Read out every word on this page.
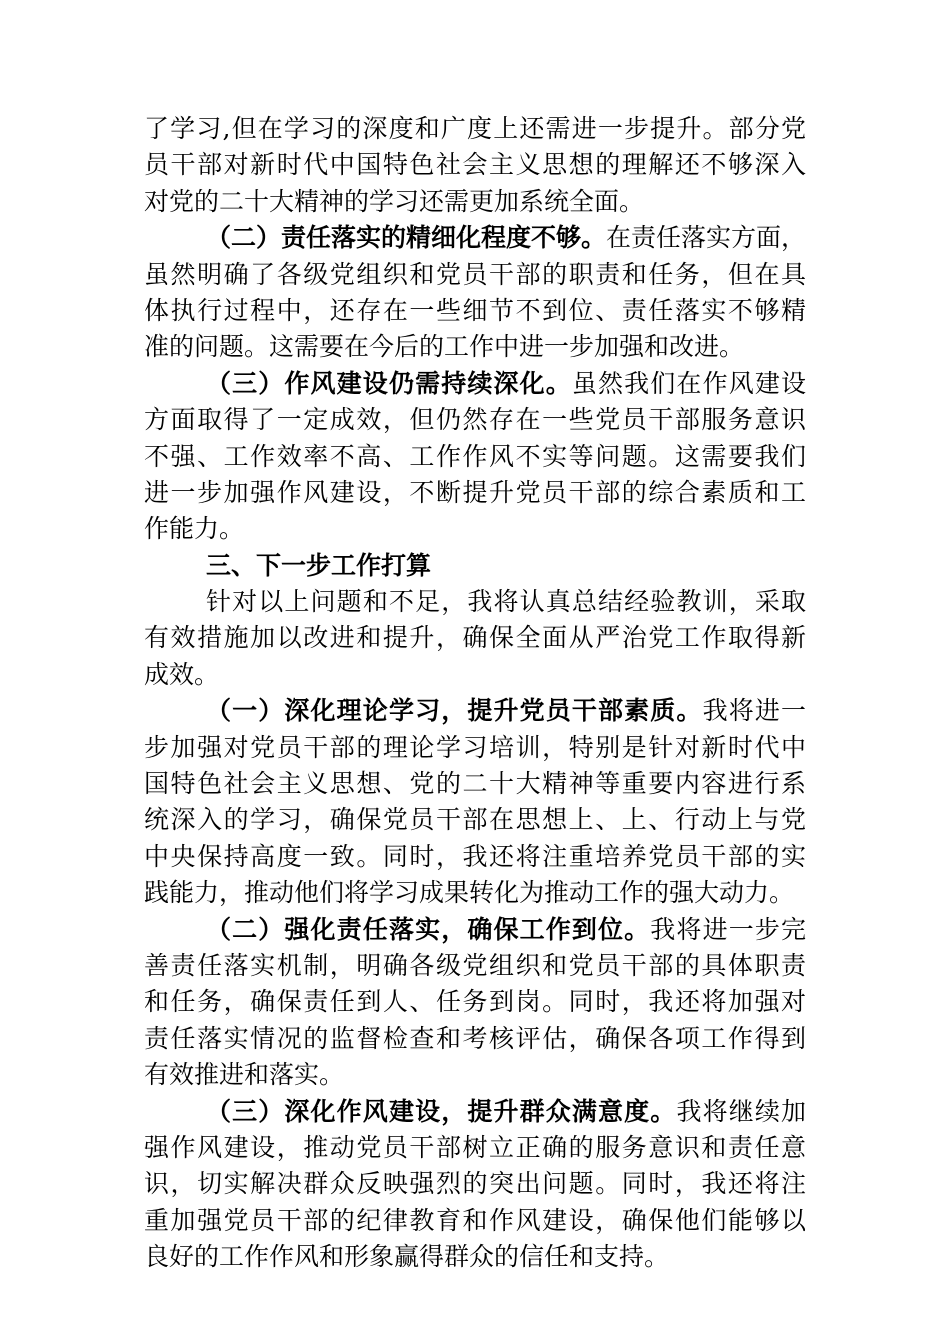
了学习,但在学习的深度和广度上还需进一步提升。部分党
员干部对新时代中国特色社会主义思想的理解还不够深入
对党的二十大精神的学习还需更加系统全面。
（二）责任落实的精细化程度不够。在责任落实方面，
虽然明确了各级党组织和党员干部的职责和任务，但在具
体执行过程中，还存在一些细节不到位、责任落实不够精
准的问题。这需要在今后的工作中进一步加强和改进。
（三）作风建设仍需持续深化。虽然我们在作风建设
方面取得了一定成效，但仍然存在一些党员干部服务意识
不强、工作效率不高、工作作风不实等问题。这需要我们
进一步加强作风建设，不断提升党员干部的综合素质和工
作能力。
三、下一步工作打算
针对以上问题和不足，我将认真总结经验教训，采取
有效措施加以改进和提升，确保全面从严治党工作取得新
成效。
（一）深化理论学习，提升党员干部素质。我将进一
步加强对党员干部的理论学习培训，特别是针对新时代中
国特色社会主义思想、党的二十大精神等重要内容进行系
统深入的学习，确保党员干部在思想上、上、行动上与党
中央保持高度一致。同时，我还将注重培养党员干部的实
践能力，推动他们将学习成果转化为推动工作的强大动力。
（二）强化责任落实，确保工作到位。我将进一步完
善责任落实机制，明确各级党组织和党员干部的具体职责
和任务，确保责任到人、任务到岗。同时，我还将加强对
责任落实情况的监督检查和考核评估，确保各项工作得到
有效推进和落实。
（三）深化作风建设，提升群众满意度。我将继续加
强作风建设，推动党员干部树立正确的服务意识和责任意
识，切实解决群众反映强烈的突出问题。同时，我还将注
重加强党员干部的纪律教育和作风建设，确保他们能够以
良好的工作作风和形象赢得群众的信任和支持。
